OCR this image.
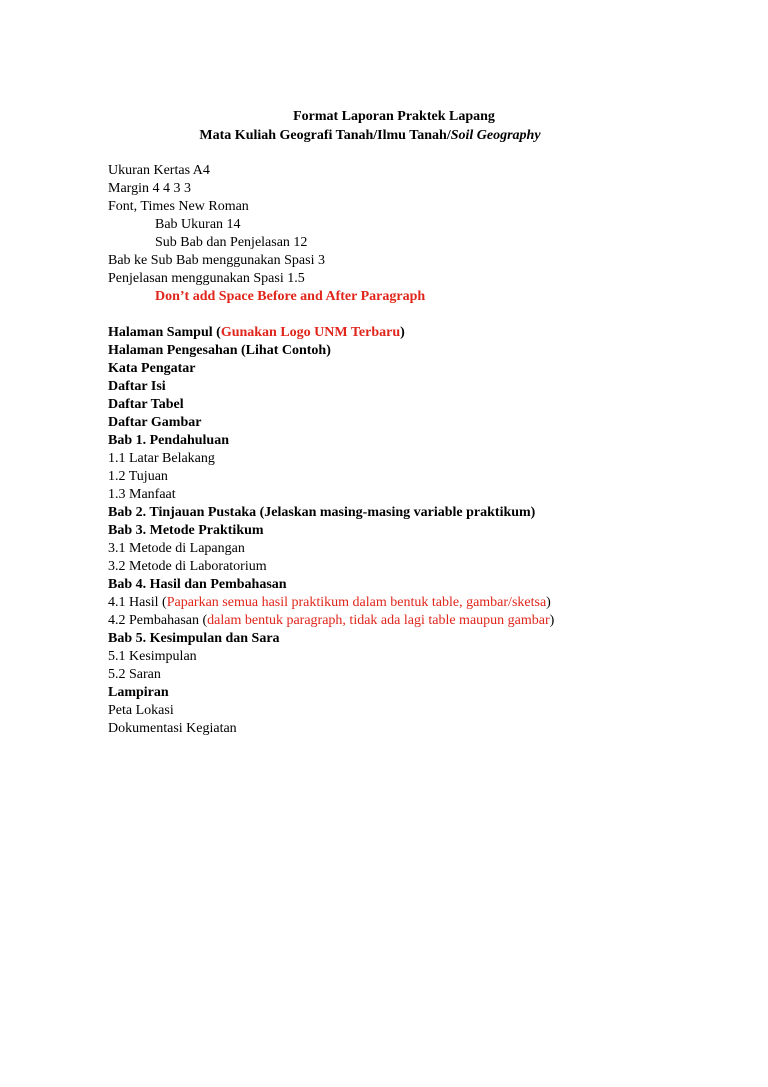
Format Laporan Praktek Lapang
Mata Kuliah Geografi Tanah/Ilmu Tanah/Soil Geography
Ukuran Kertas A4
Margin 4 4 3 3
Font, Times New Roman
Bab Ukuran 14
Sub Bab dan Penjelasan 12
Bab ke Sub Bab menggunakan Spasi 3
Penjelasan menggunakan Spasi 1.5
Don’t add Space Before and After Paragraph
Halaman Sampul (Gunakan Logo UNM Terbaru)
Halaman Pengesahan (Lihat Contoh)
Kata Pengatar
Daftar Isi
Daftar Tabel
Daftar Gambar
Bab 1. Pendahuluan
1.1 Latar Belakang
1.2 Tujuan
1.3 Manfaat
Bab 2. Tinjauan Pustaka (Jelaskan masing-masing variable praktikum)
Bab 3. Metode Praktikum
3.1 Metode di Lapangan
3.2 Metode di Laboratorium
Bab 4. Hasil dan Pembahasan
4.1 Hasil (Paparkan semua hasil praktikum dalam bentuk table, gambar/sketsa)
4.2 Pembahasan (dalam bentuk paragraph, tidak ada lagi table maupun gambar)
Bab 5. Kesimpulan dan Sara
5.1 Kesimpulan
5.2 Saran
Lampiran
Peta Lokasi
Dokumentasi Kegiatan
